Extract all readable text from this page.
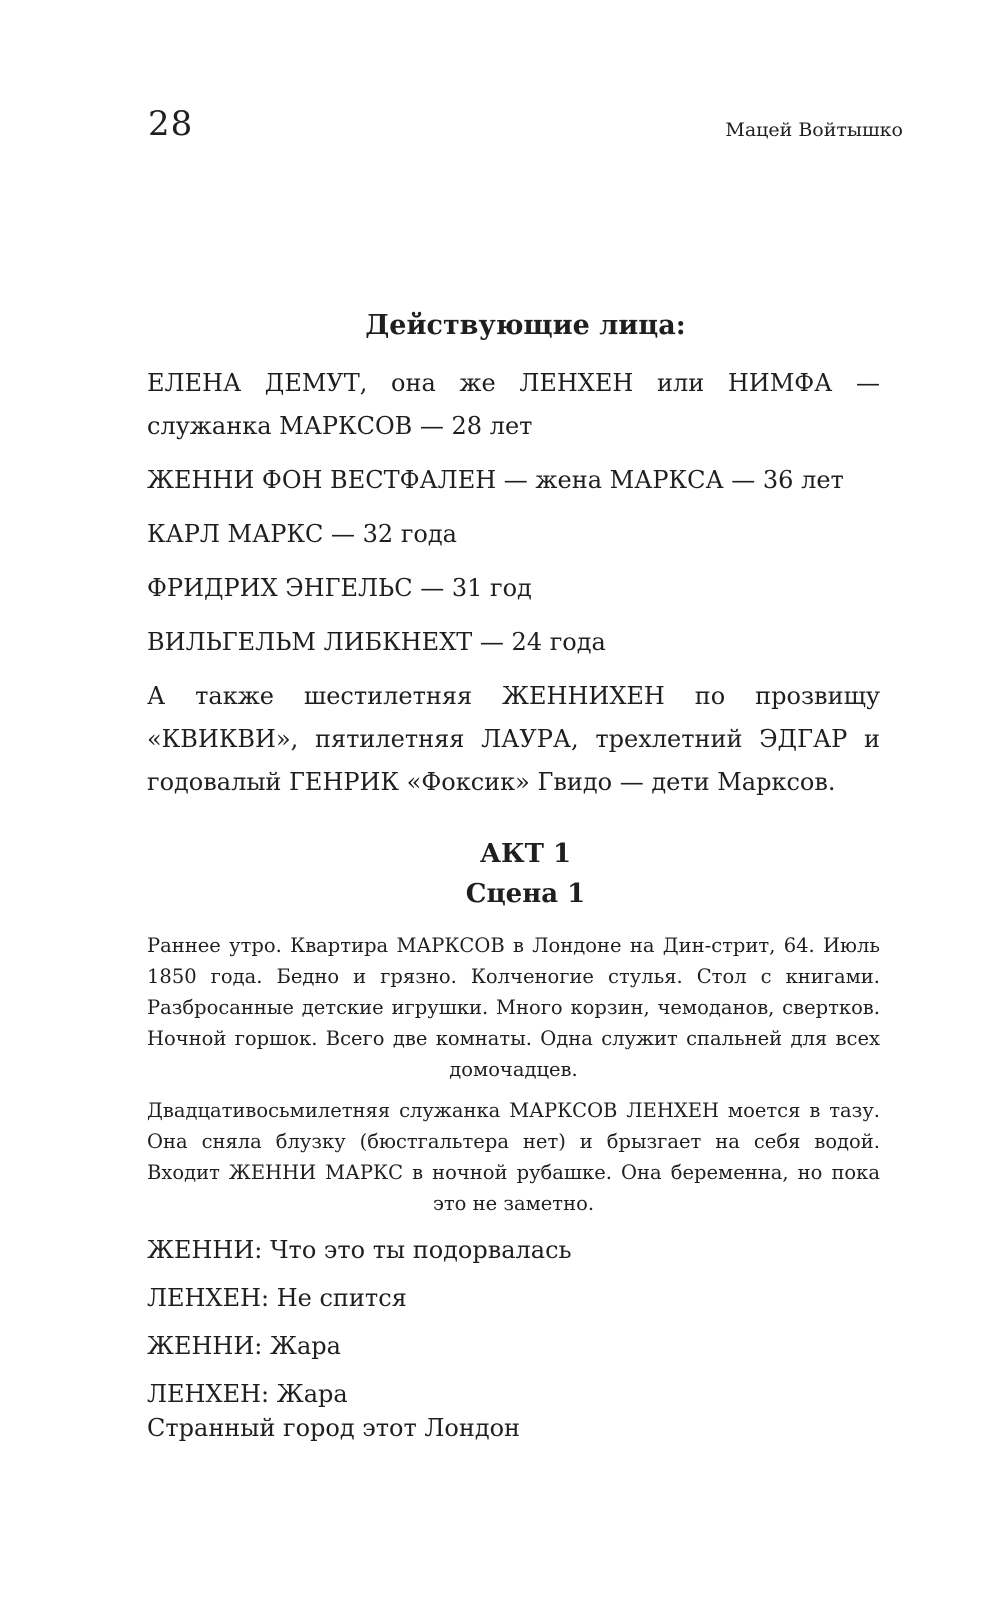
28	Мацей Войтышко
Действующие лица:
ЕЛЕНА ДЕМУТ, она же ЛЕНХЕН или НИМФА — служанка МАРКСОВ — 28 лет
ЖЕННИ ФОН ВЕСТФАЛЕН — жена МАРКСА — 36 лет
КАРЛ МАРКС — 32 года
ФРИДРИХ ЭНГЕЛЬС — 31 год
ВИЛЬГЕЛЬМ ЛИБКНЕХТ — 24 года
А также шестилетняя ЖЕННИХЕН по прозвищу «КВИКВИ», пятилетняя ЛАУРА, трехлетний ЭДГАР и годовалый ГЕНРИК «Фоксик» Гвидо — дети Марксов.
АКТ 1
Сцена 1
Раннее утро. Квартира МАРКСОВ в Лондоне на Дин-стрит, 64. Июль 1850 года. Бедно и грязно. Колченогие стулья. Стол с книгами. Разбросанные детские игрушки. Много корзин, чемоданов, свертков. Ночной горшок. Всего две комнаты. Одна служит спальней для всех домочадцев.
Двадцативосьмилетняя служанка МАРКСОВ ЛЕНХЕН моется в тазу. Она сняла блузку (бюстгальтера нет) и брызгает на себя водой. Входит ЖЕННИ МАРКС в ночной рубашке. Она беременна, но пока это не заметно.
ЖЕННИ: Что это ты подорвалась
ЛЕНХЕН: Не спится
ЖЕННИ: Жара
ЛЕНХЕН: Жара
Странный город этот Лондон
